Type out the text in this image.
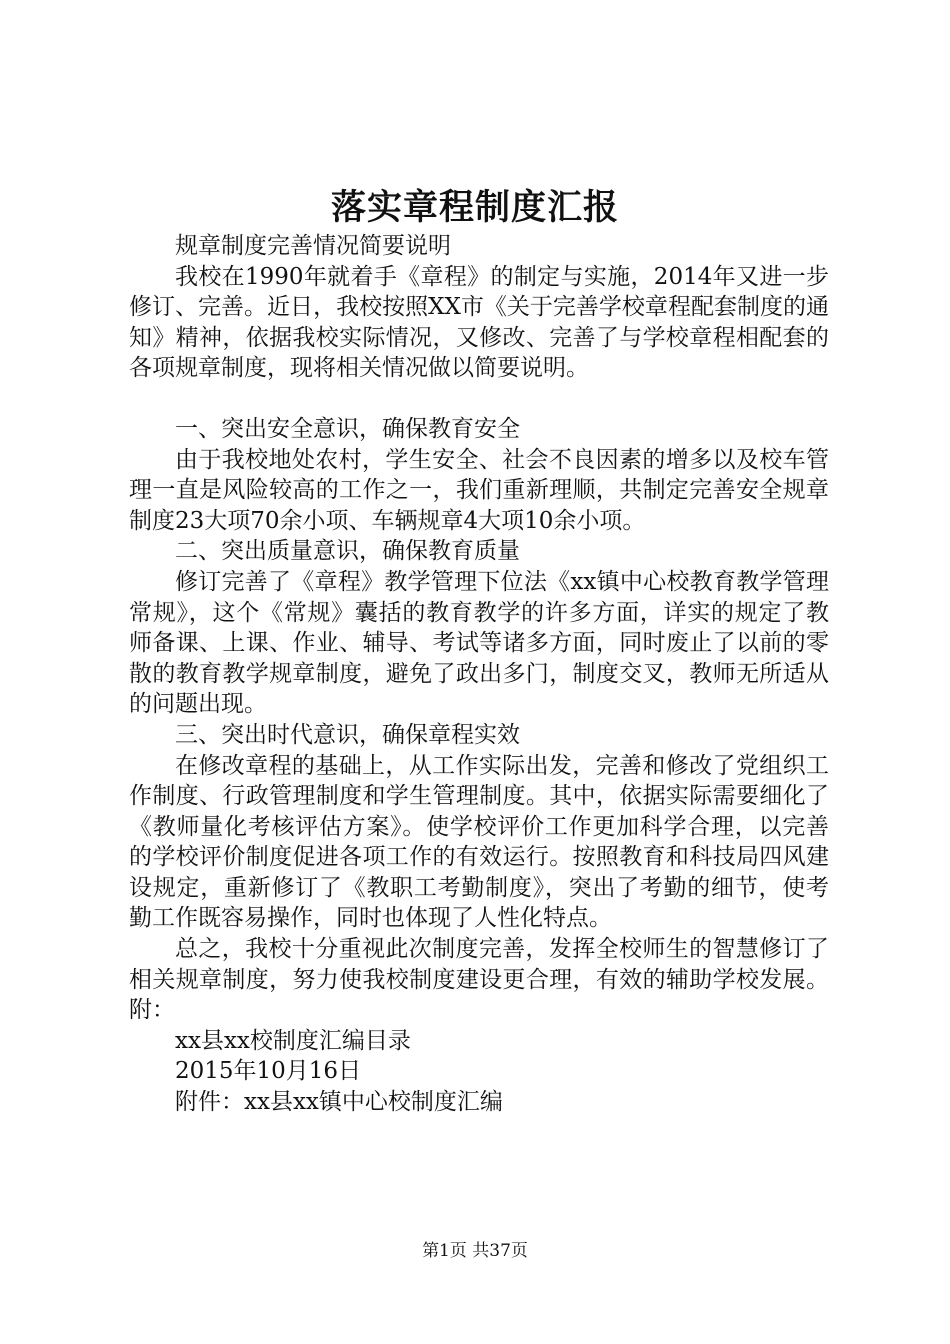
落实章程制度汇报

规章制度完善情况简要说明

我校在1990年就着手《章程》的制定与实施，2014年又进一步修订、完善。近日，我校按照XX市《关于完善学校章程配套制度的通知》精神，依据我校实际情况，又修改、完善了与学校章程相配套的各项规章制度，现将相关情况做以简要说明。

一、突出安全意识，确保教育安全

由于我校地处农村，学生安全、社会不良因素的增多以及校车管理一直是风险较高的工作之一，我们重新理顺，共制定完善安全规章制度23大项70余小项、车辆规章4大项10余小项。

二、突出质量意识，确保教育质量

修订完善了《章程》教学管理下位法《xx镇中心校教育教学管理常规》，这个《常规》囊括的教育教学的许多方面，详实的规定了教师备课、上课、作业、辅导、考试等诸多方面，同时废止了以前的零散的教育教学规章制度，避免了政出多门，制度交叉，教师无所适从的问题出现。

三、突出时代意识，确保章程实效

在修改章程的基础上，从工作实际出发，完善和修改了党组织工作制度、行政管理制度和学生管理制度。其中，依据实际需要细化了《教师量化考核评估方案》。使学校评价工作更加科学合理，以完善的学校评价制度促进各项工作的有效运行。按照教育和科技局四风建设规定，重新修订了《教职工考勤制度》，突出了考勤的细节，使考勤工作既容易操作，同时也体现了人性化特点。

总之，我校十分重视此次制度完善，发挥全校师生的智慧修订了相关规章制度，努力使我校制度建设更合理，有效的辅助学校发展。附：

xx县xx校制度汇编目录

2015年10月16日

附件：xx县xx镇中心校制度汇编

第1页 共37页
